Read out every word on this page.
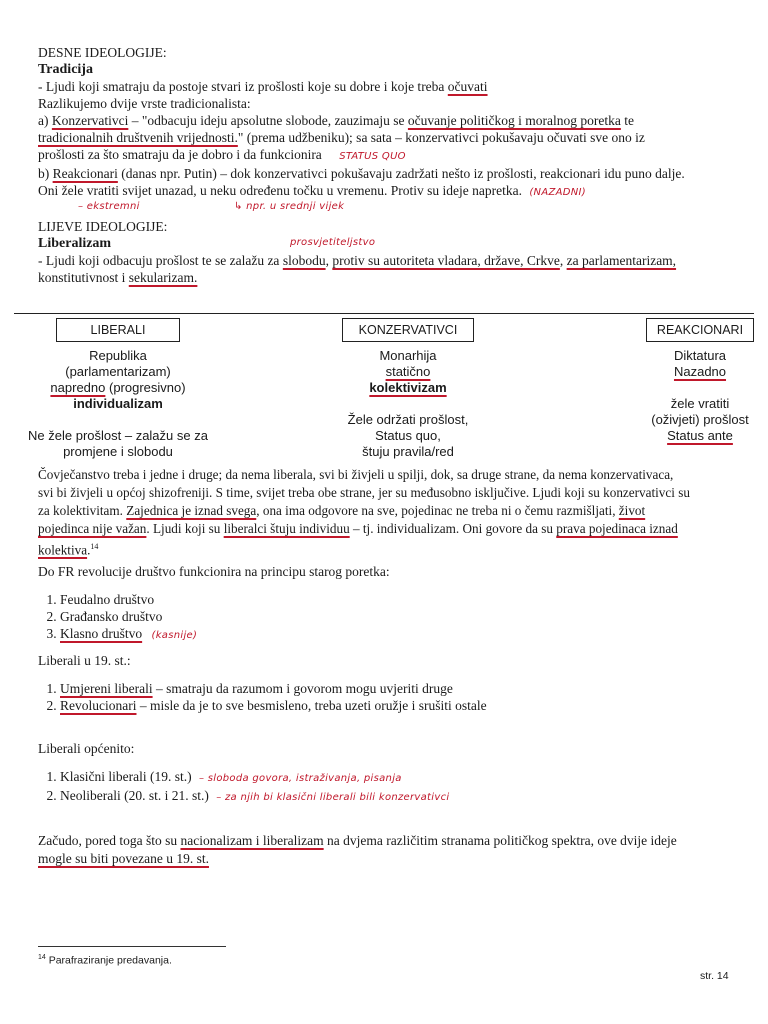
DESNE IDEOLOGIJE:
Tradicija
- Ljudi koji smatraju da postoje stvari iz prošlosti koje su dobre i koje treba očuvati
Razlikujemo dvije vrste tradicionalista:
a) Konzervativci – "odbacuju ideju apsolutne slobode, zauzimaju se očuvanje političkog i moralnog poretka te
tradicionalnih društvenih vrijednosti." (prema udžbeniku); sa sata – konzervativci pokušavaju očuvati sve ono iz
prošlosti za što smatraju da je dobro i da funkcionira STATUS QUO
b) Reakcionari (danas npr. Putin) – dok konzervativci pokušavaju zadržati nešto iz prošlosti, reakcionari idu puno dalje.
Oni žele vratiti svijet unazad, u neku određenu točku u vremenu. Protiv su ideje napretka. (NAZADNI)
– ekstremni	↳ npr. u srednji vijek
LIJEVE IDEOLOGIJE:
Liberalizam	prosvjetiteljstvo
- Ljudi koji odbacuju prošlost te se zalažu za slobodu, protiv su autoriteta vladara, države, Crkve, za parlamentarizam,
konstitutivnost i sekularizam.
LIBERALI
Republika
(parlamentarizam)
napredno (progresivno)
individualizam
Ne žele prošlost – zalažu se za
promjene i slobodu
KONZERVATIVCI
Monarhija
statično
kolektivizam
Žele održati prošlost,
Status quo,
štuju pravila/red
REAKCIONARI
Diktatura
Nazadno
žele vratiti
(oživjeti) prošlost
Status ante
Čovječanstvo treba i jedne i druge; da nema liberala, svi bi živjeli u spilji, dok, sa druge strane, da nema konzervativaca,
svi bi živjeli u općoj shizofreniji. S time, svijet treba obe strane, jer su međusobno isključive. Ljudi koji su konzervativci su
za kolektivitam. Zajednica je iznad svega, ona ima odgovore na sve, pojedinac ne treba ni o čemu razmišljati, život
pojedinca nije važan. Ljudi koji su liberalci štuju individuu – tj. individualizam. Oni govore da su prava pojedinaca iznad
kolektiva.$^{14}$
Do FR revolucije društvo funkcionira na principu starog poretka:
1. Feudalno društvo
2. Građansko društvo
3. Klasno društvo (kasnije)
Liberali u 19. st.:
1. Umjereni liberali – smatraju da razumom i govorom mogu uvjeriti druge
2. Revolucionari – misle da je to sve besmisleno, treba uzeti oružje i srušiti ostale
Liberali općenito:
1. Klasični liberali (19. st.) – sloboda govora, istraživanja, pisanja
2. Neoliberali (20. st. i 21. st.) – za njih bi klasični liberali bili konzervativci
Začudo, pored toga što su nacionalizam i liberalizam na dvjema različitim stranama političkog spektra, ove dvije ideje
mogle su biti povezane u 19. st.
$^{14}$ Parafraziranje predavanja.
str. 14
